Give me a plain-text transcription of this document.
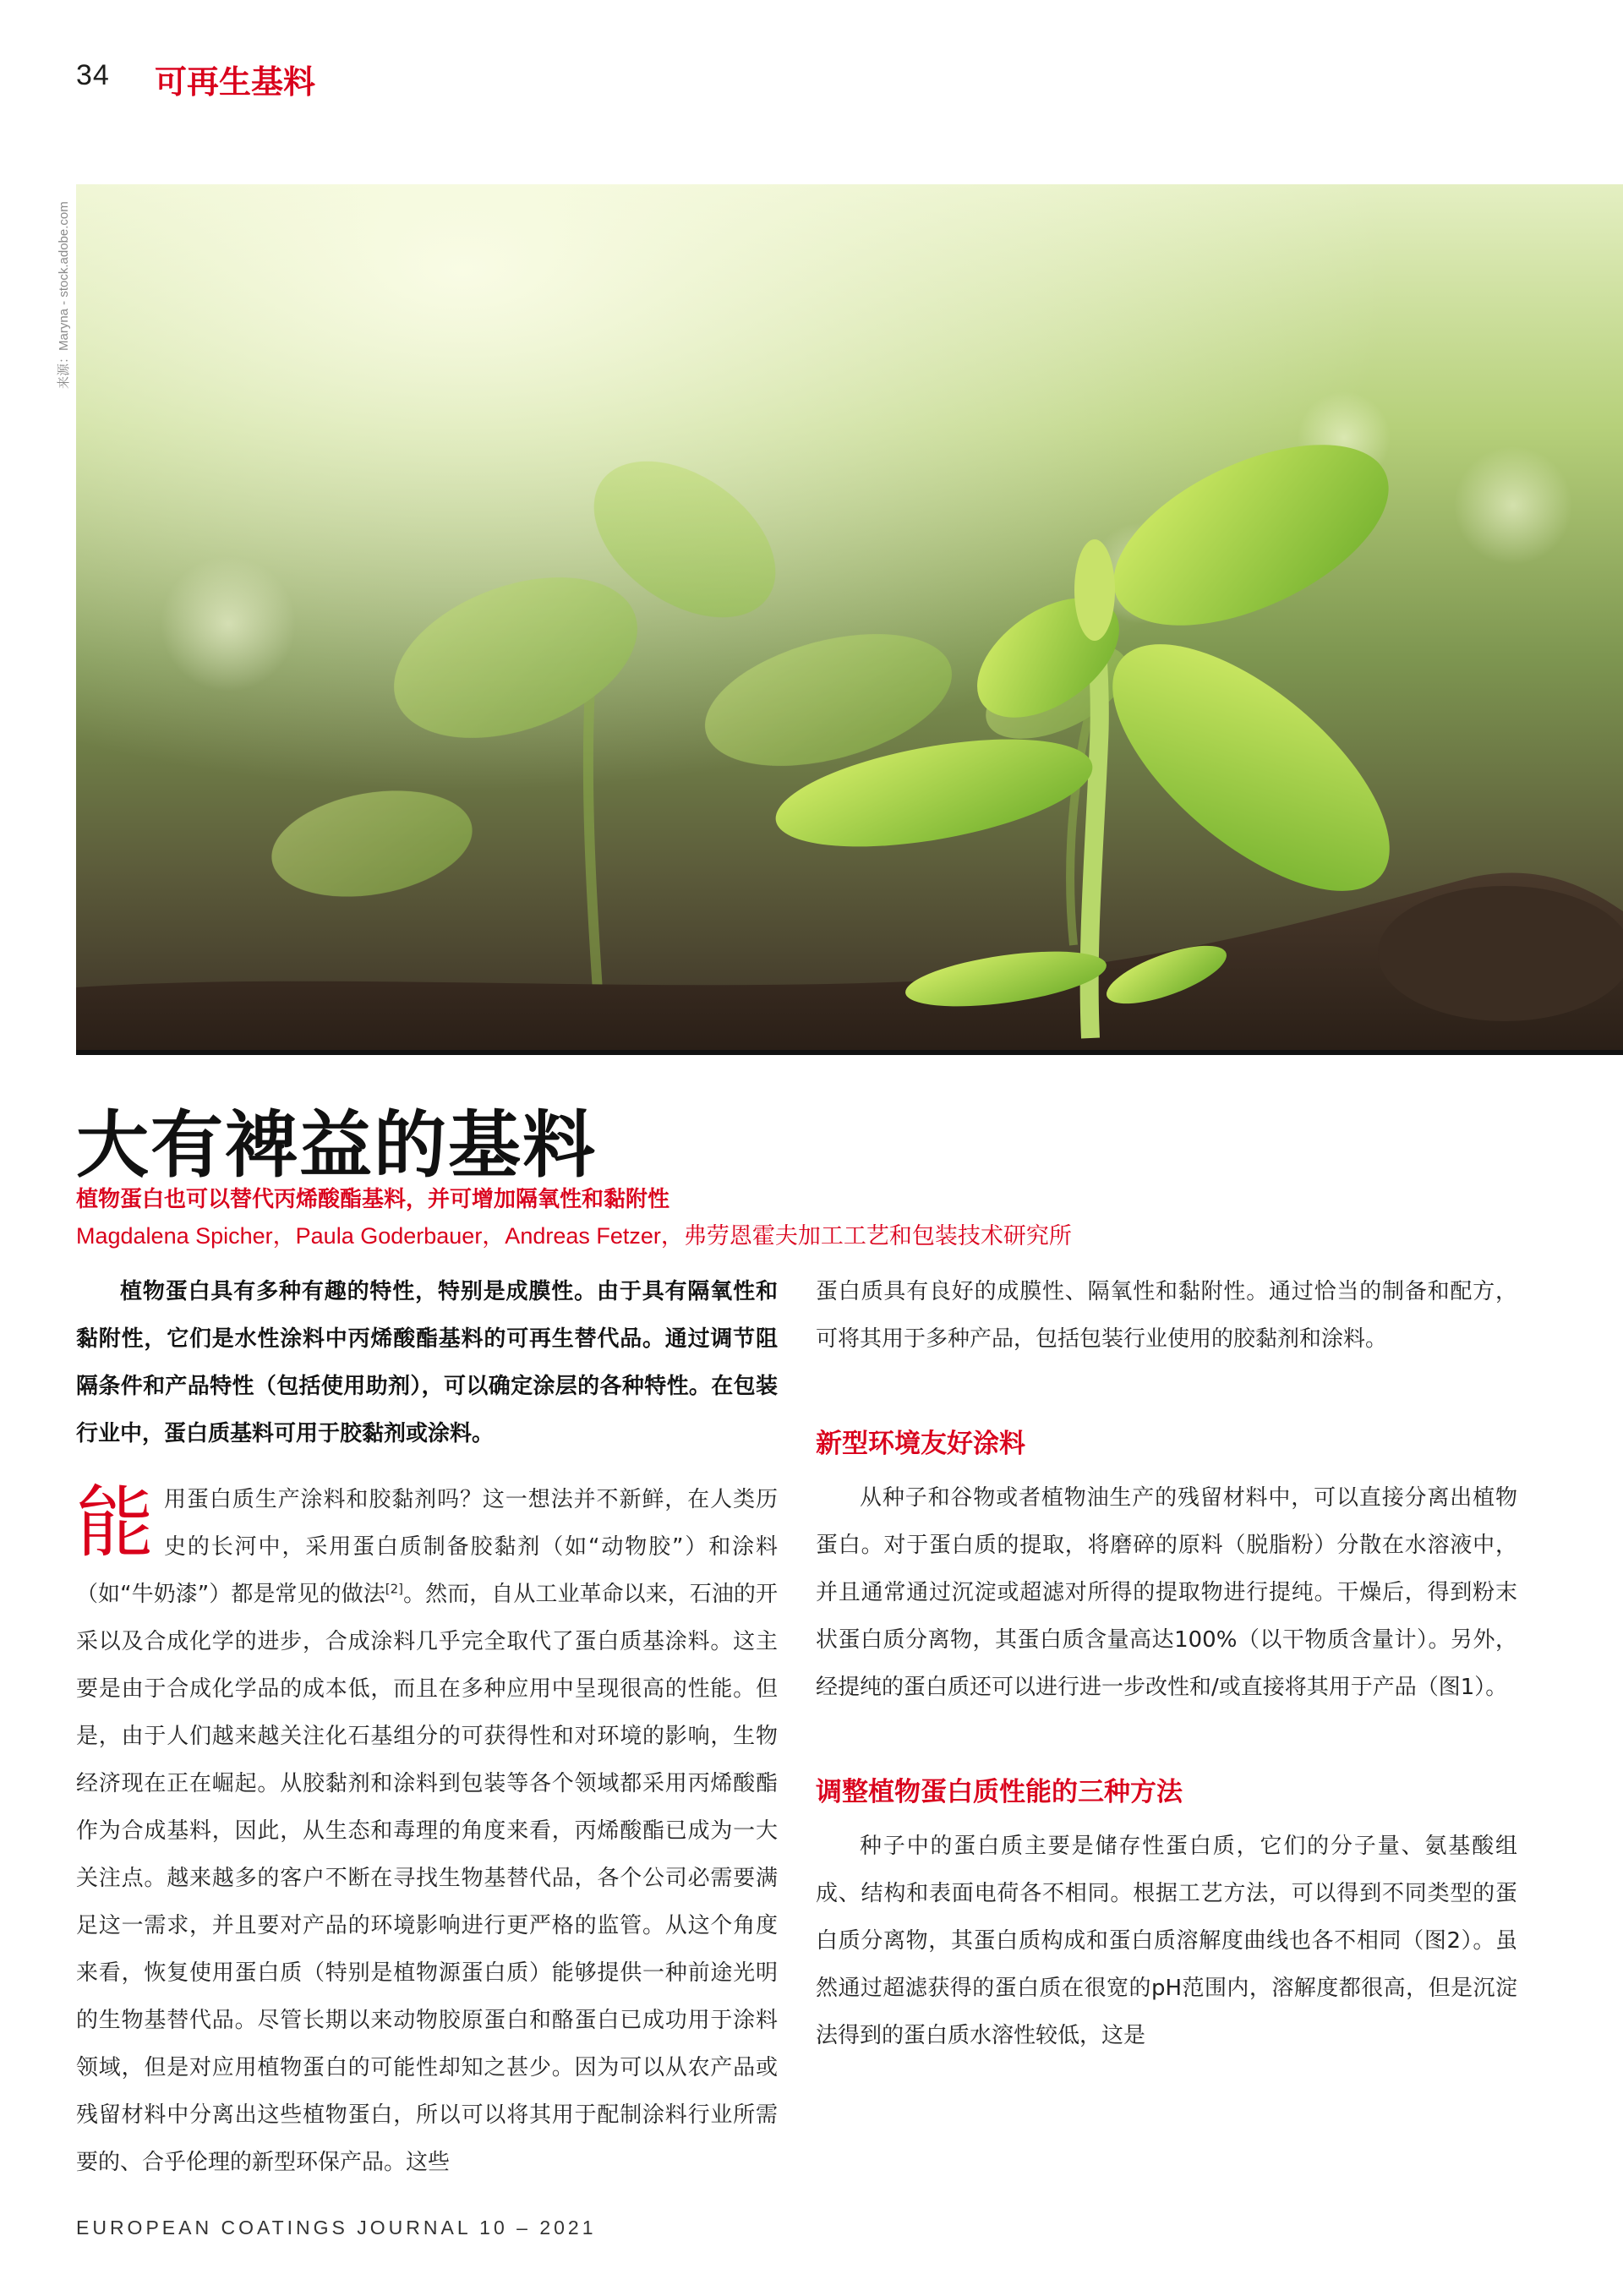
34 可再生基料
来源：Maryna - stock.adobe.com
大有裨益的基料
植物蛋白也可以替代丙烯酸酯基料，并可增加隔氧性和黏附性
Magdalena Spicher，Paula Goderbauer，Andreas Fetzer，弗劳恩霍夫加工工艺和包装技术研究所

植物蛋白具有多种有趣的特性，特别是成膜性。由于具有隔氧性和黏附性，它们是水性涂料中丙烯酸酯基料的可再生替代品。通过调节阻隔条件和产品特性（包括使用助剂），可以确定涂层的各种特性。在包装行业中，蛋白质基料可用于胶黏剂或涂料。

能用蛋白质生产涂料和胶黏剂吗？这一想法并不新鲜，在人类历史的长河中，采用蛋白质制备胶黏剂（如“动物胶”）和涂料（如“牛奶漆”）都是常见的做法[2]。然而，自从工业革命以来，石油的开采以及合成化学的进步，合成涂料几乎完全取代了蛋白质基涂料。这主要是由于合成化学品的成本低，而且在多种应用中呈现很高的性能。但是，由于人们越来越关注化石基组分的可获得性和对环境的影响，生物经济现在正在崛起。从胶黏剂和涂料到包装等各个领域都采用丙烯酸酯作为合成基料，因此，从生态和毒理的角度来看，丙烯酸酯已成为一大关注点。越来越多的客户不断在寻找生物基替代品，各个公司必需要满足这一需求，并且要对产品的环境影响进行更严格的监管。从这个角度来看，恢复使用蛋白质（特别是植物源蛋白质）能够提供一种前途光明的生物基替代品。尽管长期以来动物胶原蛋白和酪蛋白已成功用于涂料领域，但是对应用植物蛋白的可能性却知之甚少。因为可以从农产品或残留材料中分离出这些植物蛋白，所以可以将其用于配制涂料行业所需要的、合乎伦理的新型环保产品。这些

蛋白质具有良好的成膜性、隔氧性和黏附性。通过恰当的制备和配方，可将其用于多种产品，包括包装行业使用的胶黏剂和涂料。

新型环境友好涂料

从种子和谷物或者植物油生产的残留材料中，可以直接分离出植物蛋白。对于蛋白质的提取，将磨碎的原料（脱脂粉）分散在水溶液中，并且通常通过沉淀或超滤对所得的提取物进行提纯。干燥后，得到粉末状蛋白质分离物，其蛋白质含量高达100%（以干物质含量计）。另外，经提纯的蛋白质还可以进行进一步改性和/或直接将其用于产品（图1）。

调整植物蛋白质性能的三种方法

种子中的蛋白质主要是储存性蛋白质，它们的分子量、氨基酸组成、结构和表面电荷各不相同。根据工艺方法，可以得到不同类型的蛋白质分离物，其蛋白质构成和蛋白质溶解度曲线也各不相同（图2）。虽然通过超滤获得的蛋白质在很宽的pH范围内，溶解度都很高，但是沉淀法得到的蛋白质水溶性较低，这是

EUROPEAN COATINGS JOURNAL 10 – 2021
